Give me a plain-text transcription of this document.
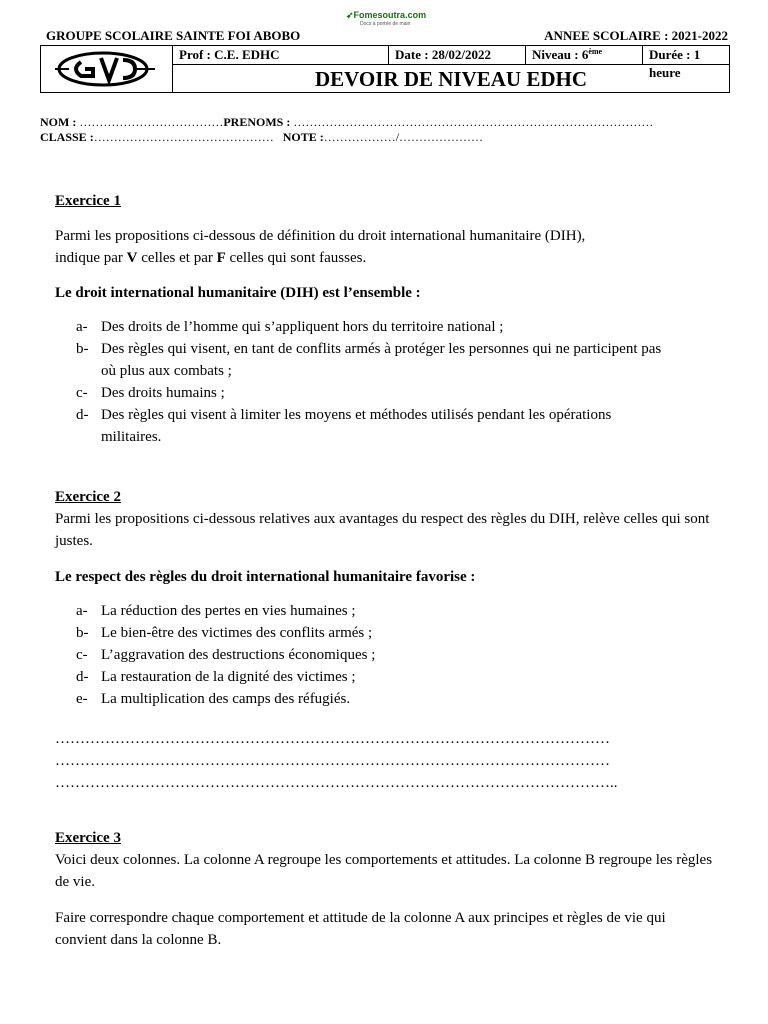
GROUPE SCOLAIRE SAINTE FOI ABOBO	ANNEE SCOLAIRE : 2021-2022
➶Fomesoutra.com
Docs à portée de main
Prof : C.E. EDHC	Date : 28/02/2022	Niveau : 6ème	Durée : 1 heure
DEVOIR DE NIVEAU EDHC
NOM : ………………………………PRENOMS : ………………………………………………………………………………
CLASSE :……………………………………… NOTE :………………/…………………
Exercice 1
Parmi les propositions ci-dessous de définition du droit international humanitaire (DIH),
indique par V celles et par F celles qui sont fausses.
Le droit international humanitaire (DIH) est l’ensemble :
a- Des droits de l’homme qui s’appliquent hors du territoire national ;
b- Des règles qui visent, en tant de conflits armés à protéger les personnes qui ne participent pas où plus aux combats ;
c- Des droits humains ;
d- Des règles qui visent à limiter les moyens et méthodes utilisés pendant les opérations militaires.
Exercice 2
Parmi les propositions ci-dessous relatives aux avantages du respect des règles du DIH, relève celles qui sont justes.
Le respect des règles du droit international humanitaire favorise :
a- La réduction des pertes en vies humaines ;
b- Le bien-être des victimes des conflits armés ;
c- L’aggravation des destructions économiques ;
d- La restauration de la dignité des victimes ;
e- La multiplication des camps des réfugiés.
…………………………………………………………………………………………………
…………………………………………………………………………………………………
…………………………………………………………………………………………………..
Exercice 3
Voici deux colonnes. La colonne A regroupe les comportements et attitudes. La colonne B regroupe les règles de vie.
Faire correspondre chaque comportement et attitude de la colonne A aux principes et règles de vie qui convient dans la colonne B.
